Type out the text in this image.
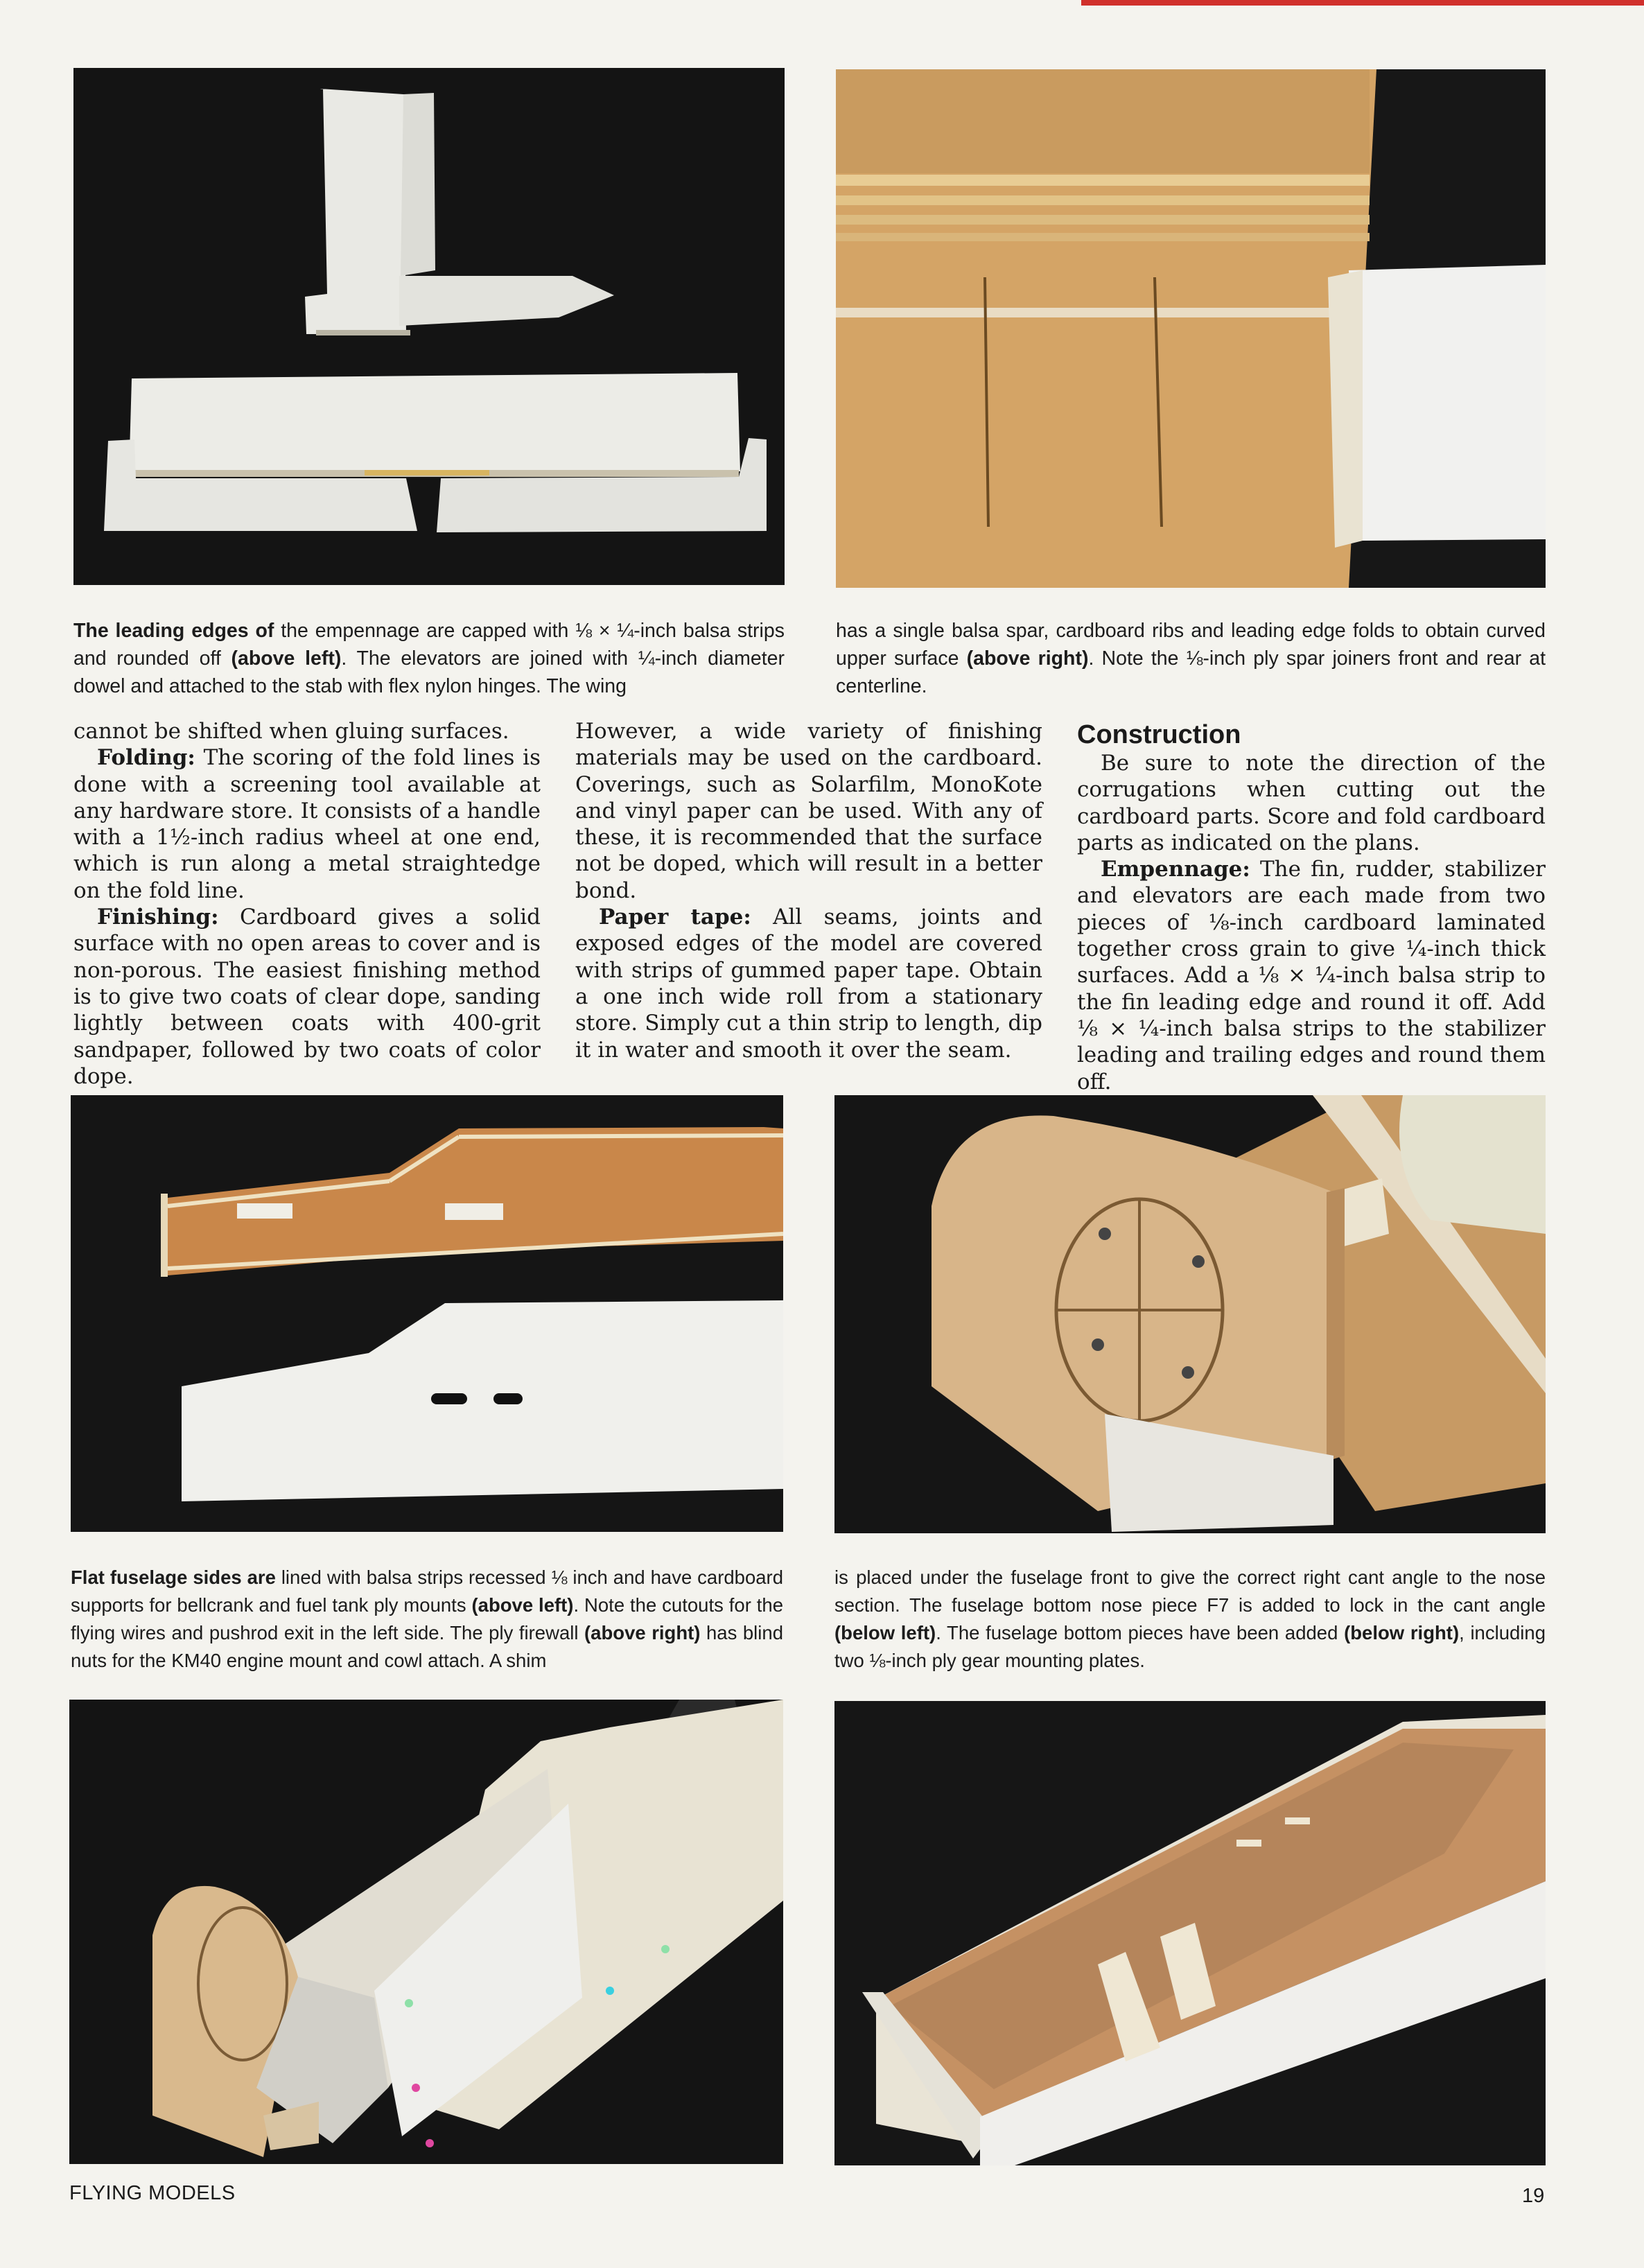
The leading edges of the empennage are capped with ⅛ × ¼-inch balsa strips and rounded off (above left). The elevators are joined with ¼-inch diameter dowel and attached to the stab with flex nylon hinges. The wing
has a single balsa spar, cardboard ribs and leading edge folds to obtain curved upper surface (above right). Note the ⅛-inch ply spar joiners front and rear at centerline.

cannot be shifted when gluing surfaces.

Folding: The scoring of the fold lines is done with a screening tool available at any hardware store. It consists of a handle with a 1½-inch radius wheel at one end, which is run along a metal straightedge on the fold line.

Finishing: Cardboard gives a solid surface with no open areas to cover and is non-porous. The easiest finishing method is to give two coats of clear dope, sanding lightly between coats with 400-grit sandpaper, followed by two coats of color dope.

However, a wide variety of finishing materials may be used on the cardboard. Coverings, such as Solarfilm, MonoKote and vinyl paper can be used. With any of these, it is recommended that the surface not be doped, which will result in a better bond.

Paper tape: All seams, joints and exposed edges of the model are covered with strips of gummed paper tape. Obtain a one inch wide roll from a stationary store. Simply cut a thin strip to length, dip it in water and smooth it over the seam.

Construction

Be sure to note the direction of the corrugations when cutting out the cardboard parts. Score and fold cardboard parts as indicated on the plans.

Empennage: The fin, rudder, stabilizer and elevators are each made from two pieces of ⅛-inch cardboard laminated together cross grain to give ¼-inch thick surfaces. Add a ⅛ × ¼-inch balsa strip to the fin leading edge and round it off. Add ⅛ × ¼-inch balsa strips to the stabilizer leading and trailing edges and round them off.

Flat fuselage sides are lined with balsa strips recessed ⅛ inch and have cardboard supports for bellcrank and fuel tank ply mounts (above left). Note the cutouts for the flying wires and pushrod exit in the left side. The ply firewall (above right) has blind nuts for the KM40 engine mount and cowl attach. A shim
is placed under the fuselage front to give the correct right cant angle to the nose section. The fuselage bottom nose piece F7 is added to lock in the cant angle (below left). The fuselage bottom pieces have been added (below right), including two ⅛-inch ply gear mounting plates.
FLYING MODELS	19
